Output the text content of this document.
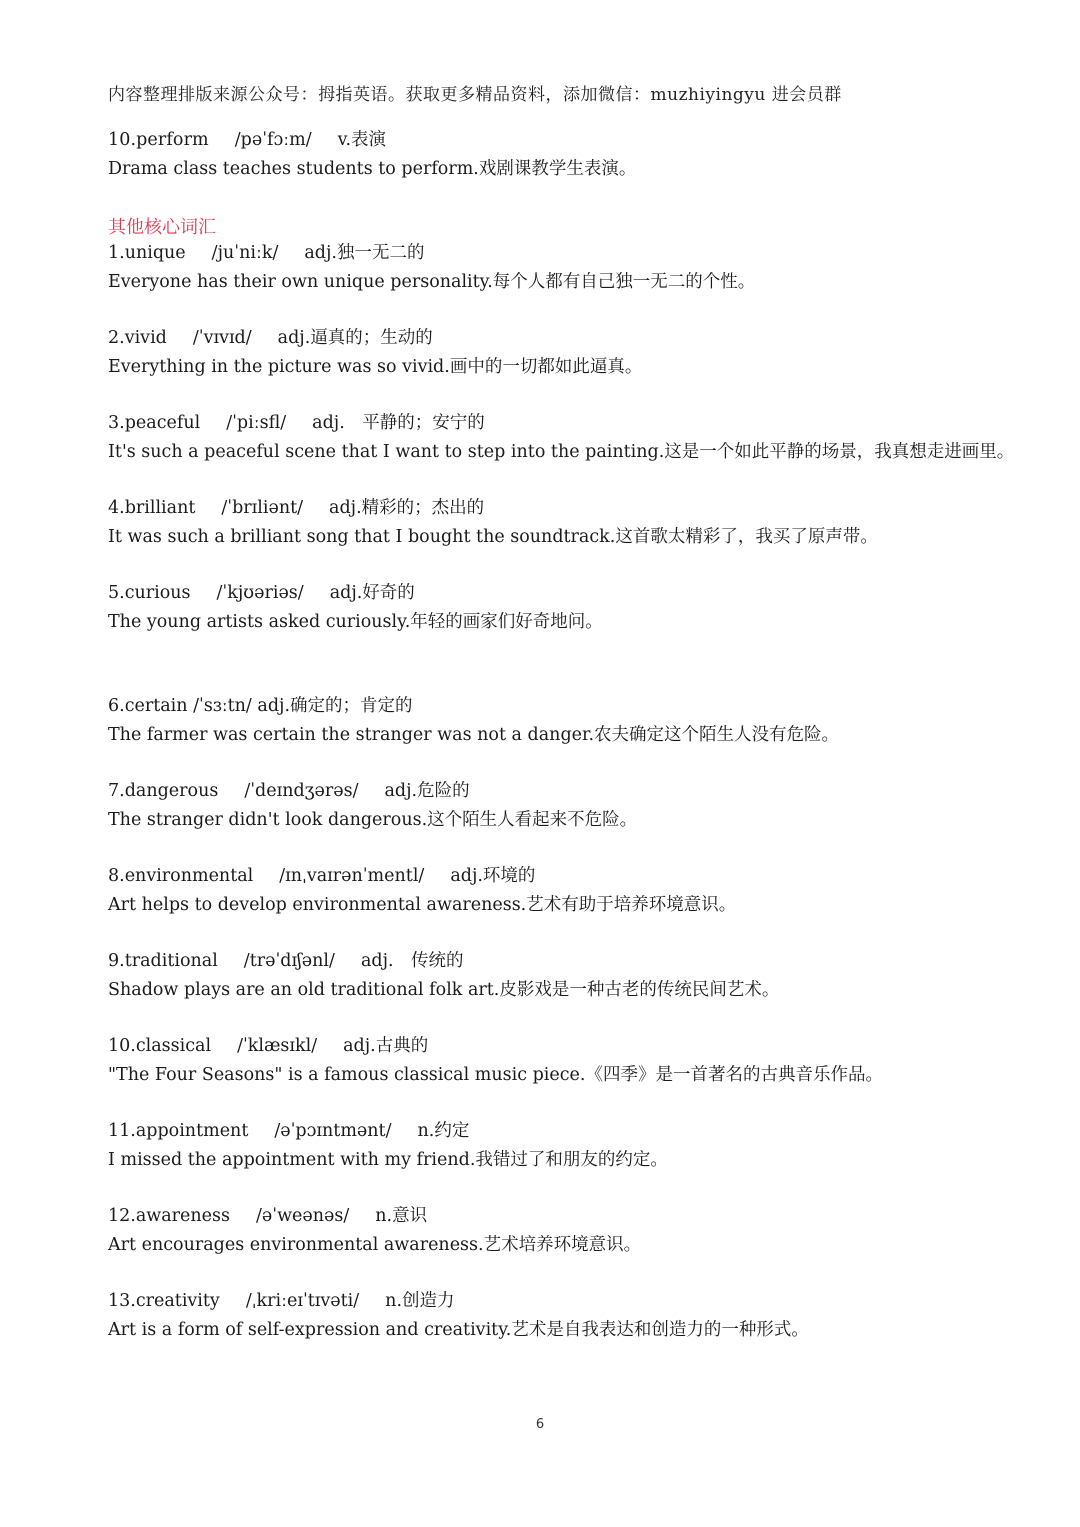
内容整理排版来源公众号：拇指英语。获取更多精品资料，添加微信：muzhiyingyu 进会员群
10.perform /pəˈfɔːm/ v.表演
Drama class teaches students to perform.戏剧课教学生表演。
其他核心词汇
1.unique /juˈniːk/ adj.独一无二的
Everyone has their own unique personality.每个人都有自己独一无二的个性。
2.vivid /ˈvɪvɪd/ adj.逼真的；生动的
Everything in the picture was so vivid.画中的一切都如此逼真。
3.peaceful /ˈpiːsfl/ adj.　平静的；安宁的
It's such a peaceful scene that I want to step into the painting.这是一个如此平静的场景，我真想走进画里。
4.brilliant /ˈbrɪliənt/ adj.精彩的；杰出的
It was such a brilliant song that I bought the soundtrack.这首歌太精彩了，我买了原声带。
5.curious /ˈkjʊəriəs/ adj.好奇的
The young artists asked curiously.年轻的画家们好奇地问。
6.certain /ˈsɜːtn/ adj.确定的；肯定的
The farmer was certain the stranger was not a danger.农夫确定这个陌生人没有危险。
7.dangerous /ˈdeɪndʒərəs/ adj.危险的
The stranger didn't look dangerous.这个陌生人看起来不危险。
8.environmental /ɪnˌvaɪrənˈmentl/ adj.环境的
Art helps to develop environmental awareness.艺术有助于培养环境意识。
9.traditional /trəˈdɪʃənl/ adj.　传统的
Shadow plays are an old traditional folk art.皮影戏是一种古老的传统民间艺术。
10.classical /ˈklæsɪkl/ adj.古典的
"The Four Seasons" is a famous classical music piece.《四季》是一首著名的古典音乐作品。
11.appointment /əˈpɔɪntmənt/ n.约定
I missed the appointment with my friend.我错过了和朋友的约定。
12.awareness /əˈweənəs/ n.意识
Art encourages environmental awareness.艺术培养环境意识。
13.creativity /ˌkriːeɪˈtɪvəti/ n.创造力
Art is a form of self-expression and creativity.艺术是自我表达和创造力的一种形式。
6
